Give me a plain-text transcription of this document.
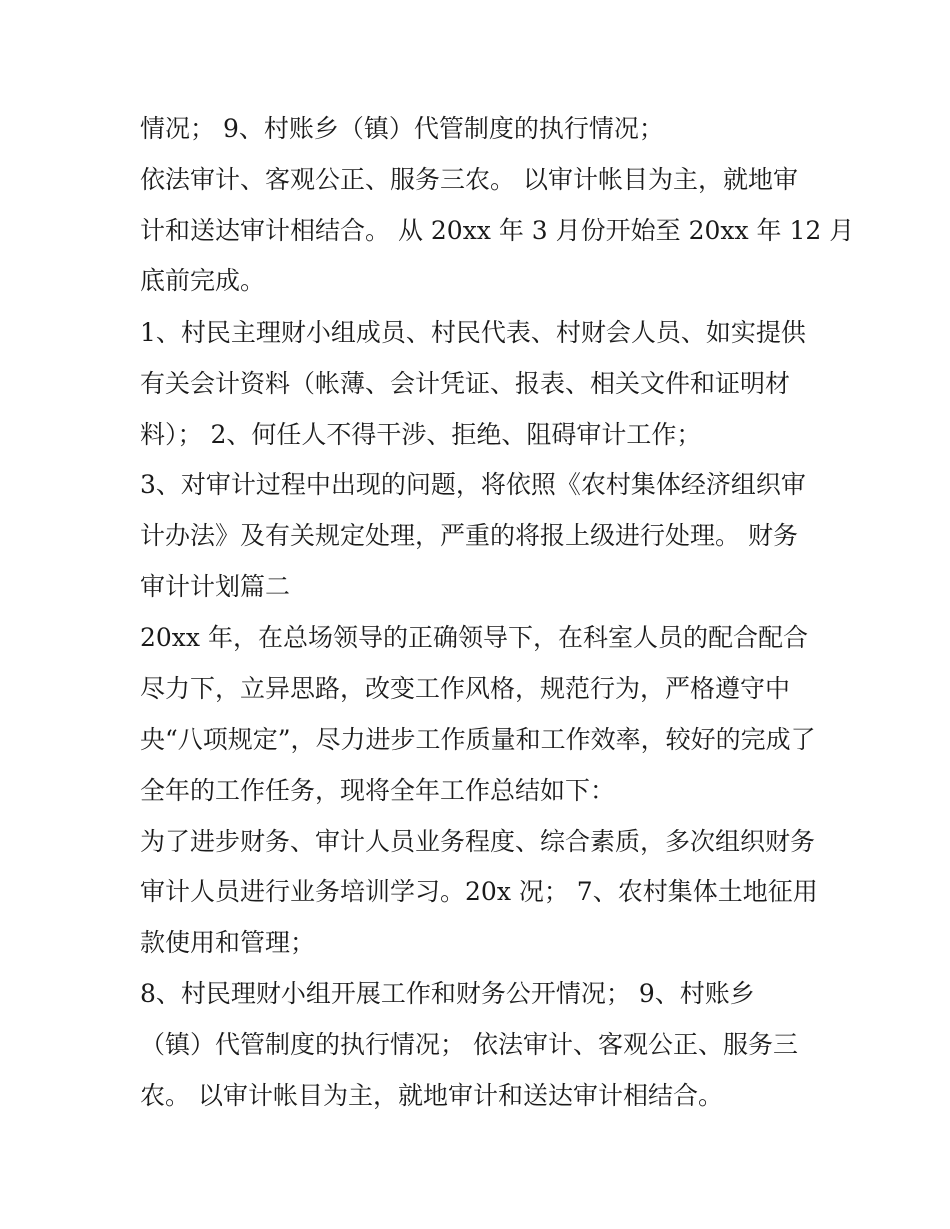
情况； 9、村账乡（镇）代管制度的执行情况；

依法审计、客观公正、服务三农。 以审计帐目为主，就地审

计和送达审计相结合。 从 20xx 年 3 月份开始至 20xx 年 12 月

底前完成。

1、村民主理财小组成员、村民代表、村财会人员、如实提供

有关会计资料（帐薄、会计凭证、报表、相关文件和证明材

料）； 2、何任人不得干涉、拒绝、阻碍审计工作；

3、对审计过程中出现的问题，将依照《农村集体经济组织审

计办法》及有关规定处理，严重的将报上级进行处理。 财务

审计计划篇二

20xx 年，在总场领导的正确领导下，在科室人员的配合配合

尽力下，立异思路，改变工作风格，规范行为，严格遵守中

央“八项规定”，尽力进步工作质量和工作效率，较好的完成了

全年的工作任务，现将全年工作总结如下：

为了进步财务、审计人员业务程度、综合素质，多次组织财务

审计人员进行业务培训学习。20x 况； 7、农村集体土地征用

款使用和管理；

8、村民理财小组开展工作和财务公开情况； 9、村账乡

（镇）代管制度的执行情况； 依法审计、客观公正、服务三

农。 以审计帐目为主，就地审计和送达审计相结合。
